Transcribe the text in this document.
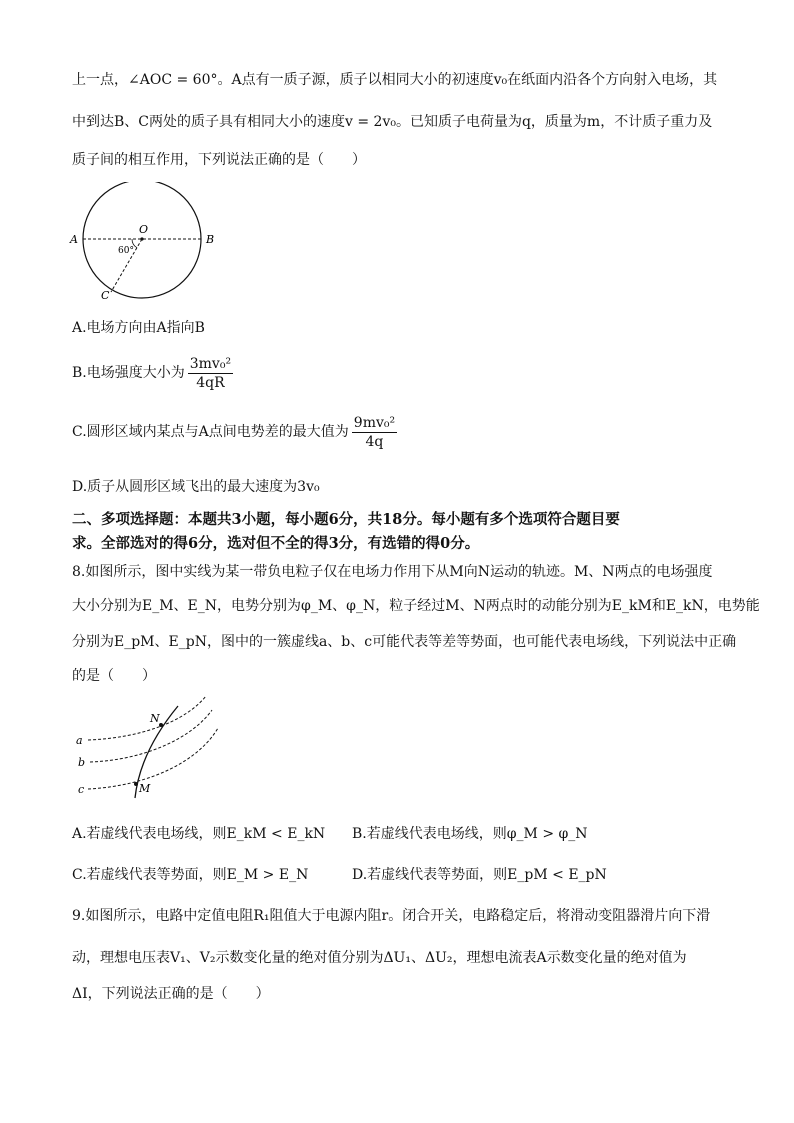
上一点，∠AOC = 60°。A点有一质子源，质子以相同大小的初速度v₀在纸面内沿各个方向射入电场，其
中到达B、C两处的质子具有相同大小的速度v = 2v₀。已知质子电荷量为q，质量为m，不计质子重力及
质子间的相互作用，下列说法正确的是（　　）
A	B
O
C
60°
A.电场方向由A指向B
B.电场强度大小为 $\frac{\text{3mv₀²}}{4qR}$
C.圆形区域内某点与A点间电势差的最大值为 $\frac{\text{9mv₀²}}{4q}$
D.质子从圆形区域飞出的最大速度为3v₀
二、多项选择题：本题共3小题，每小题6分，共18分。每小题有多个选项符合题目要
求。全部选对的得6分，选对但不全的得3分，有选错的得0分。
8.如图所示，图中实线为某一带负电粒子仅在电场力作用下从M向N运动的轨迹。M、N两点的电场强度
大小分别为E_M、E_N，电势分别为φ_M、φ_N，粒子经过M、N两点时的动能分别为E_kM和E_kN，电势能
分别为E_pM、E_pN，图中的一簇虚线a、b、c可能代表等差等势面，也可能代表电场线，下列说法中正确
的是（　　）
a
b
c
N
M
A.若虚线代表电场线，则E_kM < E_kN B.若虚线代表电场线，则φ_M > φ_N
C.若虚线代表等势面，则E_M > E_N	D.若虚线代表等势面，则E_pM < E_pN
9.如图所示，电路中定值电阻R₁阻值大于电源内阻r。闭合开关，电路稳定后，将滑动变阻器滑片向下滑
动，理想电压表V₁、V₂示数变化量的绝对值分别为ΔU₁、ΔU₂，理想电流表A示数变化量的绝对值为
ΔI，下列说法正确的是（　　）
